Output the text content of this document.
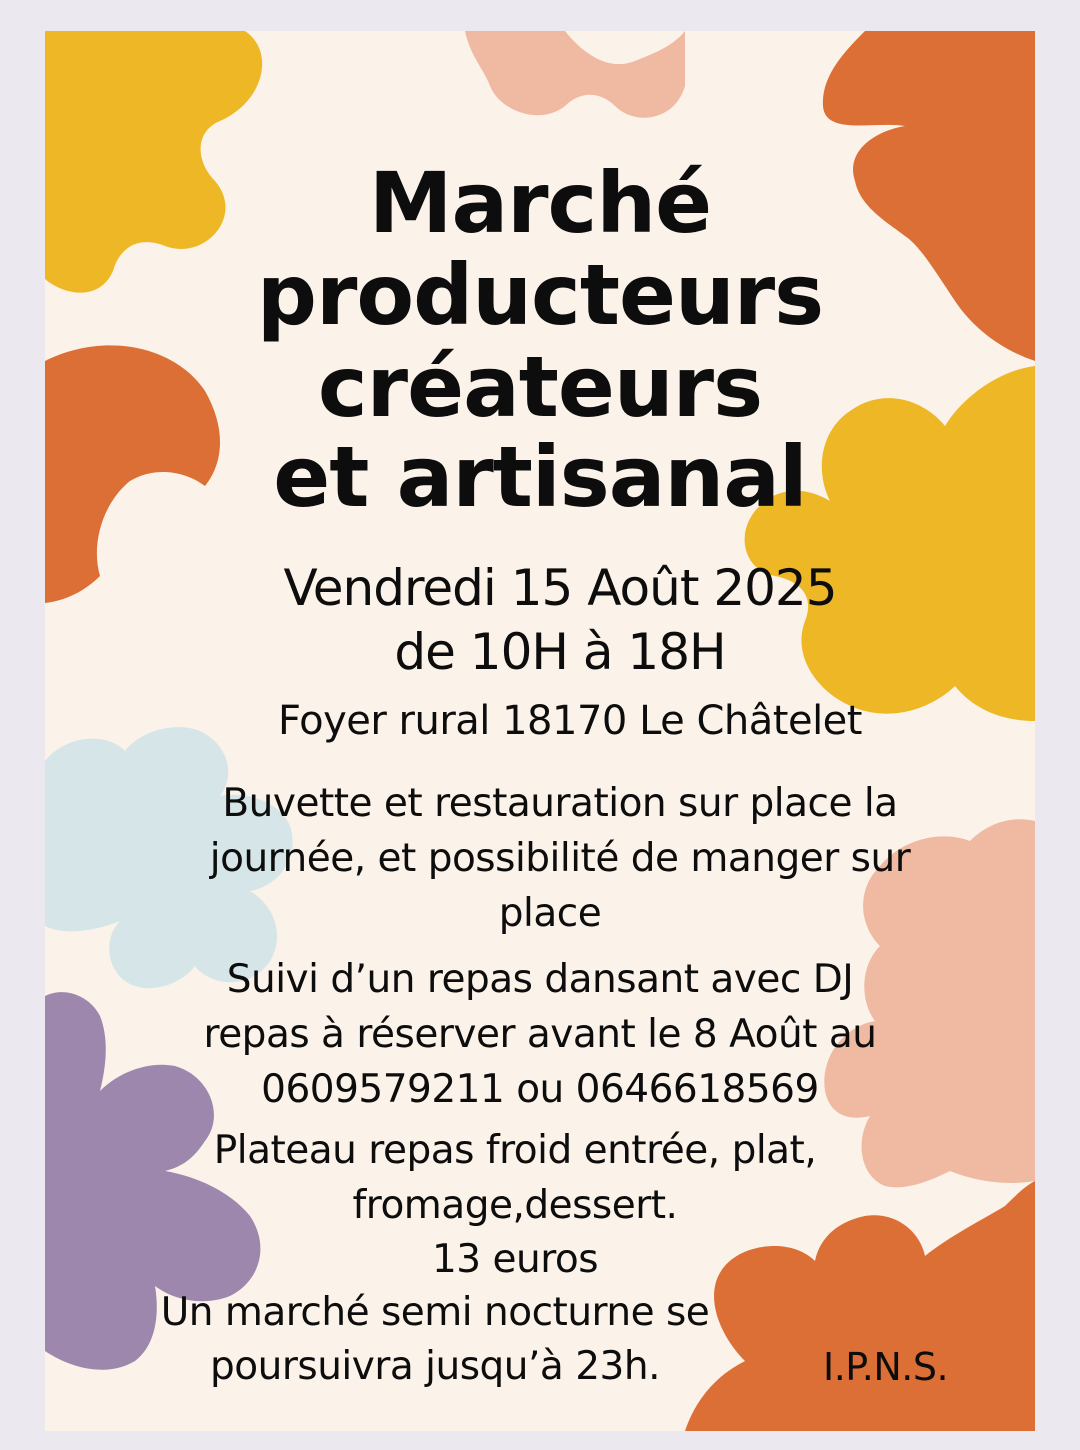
Marché
producteurs
créateurs
et artisanal
Vendredi 15 Août 2025
de 10H à 18H
Foyer rural 18170 Le Châtelet
Buvette et restauration sur place la
journée, et possibilité de manger sur
place
Suivi d’un repas dansant avec DJ
repas à réserver avant le 8 Août au
0609579211 ou 0646618569
Plateau repas froid entrée, plat,
fromage,dessert.
13 euros
Un marché semi nocturne se
poursuivra jusqu’à 23h.	I.P.N.S.
